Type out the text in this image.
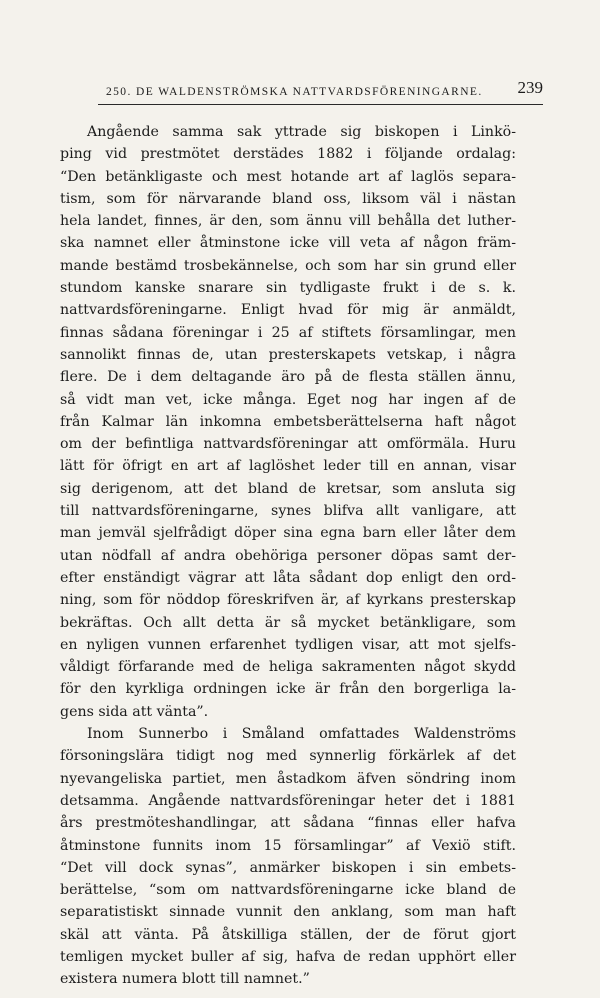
250. DE WALDENSTRÖMSKA NATTVARDSFÖRENINGARNE. 239
Angående samma sak yttrade sig biskopen i Linkö-
ping vid prestmötet derstädes 1882 i följande ordalag:
“Den betänkligaste och mest hotande art af laglös separa-
tism, som för närvarande bland oss, liksom väl i nästan
hela landet, finnes, är den, som ännu vill behålla det luther-
ska namnet eller åtminstone icke vill veta af någon främ-
mande bestämd trosbekännelse, och som har sin grund eller
stundom kanske snarare sin tydligaste frukt i de s. k.
nattvardsföreningarne. Enligt hvad för mig är anmäldt,
finnas sådana föreningar i 25 af stiftets församlingar, men
sannolikt finnas de, utan presterskapets vetskap, i några
flere. De i dem deltagande äro på de flesta ställen ännu,
så vidt man vet, icke många. Eget nog har ingen af de
från Kalmar län inkomna embetsberättelserna haft något
om der befintliga nattvardsföreningar att omförmäla. Huru
lätt för öfrigt en art af laglöshet leder till en annan, visar
sig derigenom, att det bland de kretsar, som ansluta sig
till nattvardsföreningarne, synes blifva allt vanligare, att
man jemväl sjelfrådigt döper sina egna barn eller låter dem
utan nödfall af andra obehöriga personer döpas samt der-
efter enständigt vägrar att låta sådant dop enligt den ord-
ning, som för nöddop föreskrifven är, af kyrkans presterskap
bekräftas. Och allt detta är så mycket betänkligare, som
en nyligen vunnen erfarenhet tydligen visar, att mot sjelfs-
våldigt förfarande med de heliga sakramenten något skydd
för den kyrkliga ordningen icke är från den borgerliga la-
gens sida att vänta”.
Inom Sunnerbo i Småland omfattades Waldenströms
försoningslära tidigt nog med synnerlig förkärlek af det
nyevangeliska partiet, men åstadkom äfven söndring inom
detsamma. Angående nattvardsföreningar heter det i 1881
års prestmöteshandlingar, att sådana “finnas eller hafva
åtminstone funnits inom 15 församlingar” af Vexiö stift.
“Det vill dock synas”, anmärker biskopen i sin embets-
berättelse, “som om nattvardsföreningarne icke bland de
separatistiskt sinnade vunnit den anklang, som man haft
skäl att vänta. På åtskilliga ställen, der de förut gjort
temligen mycket buller af sig, hafva de redan upphört eller
existera numera blott till namnet.”
